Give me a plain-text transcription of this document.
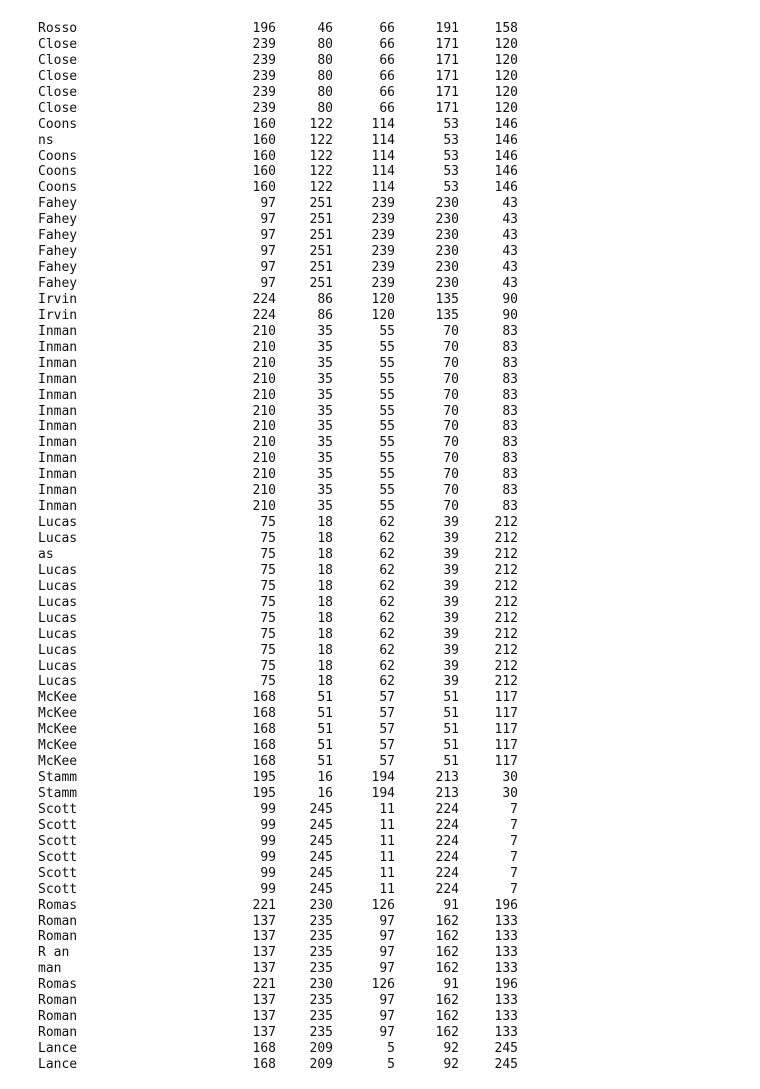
Rosso	196	46	66	191	158
Close	239	80	66	171	120
Close	239	80	66	171	120
Close	239	80	66	171	120
Close	239	80	66	171	120
Close	239	80	66	171	120
Coons	160	122	114	53	146
ns	160	122	114	53	146
Coons	160	122	114	53	146
Coons	160	122	114	53	146
Coons	160	122	114	53	146
Fahey	97	251	239	230	43
Fahey	97	251	239	230	43
Fahey	97	251	239	230	43
Fahey	97	251	239	230	43
Fahey	97	251	239	230	43
Fahey	97	251	239	230	43
Irvin	224	86	120	135	90
Irvin	224	86	120	135	90
Inman	210	35	55	70	83
Inman	210	35	55	70	83
Inman	210	35	55	70	83
Inman	210	35	55	70	83
Inman	210	35	55	70	83
Inman	210	35	55	70	83
Inman	210	35	55	70	83
Inman	210	35	55	70	83
Inman	210	35	55	70	83
Inman	210	35	55	70	83
Inman	210	35	55	70	83
Inman	210	35	55	70	83
Lucas	75	18	62	39	212
Lucas	75	18	62	39	212
as	75	18	62	39	212
Lucas	75	18	62	39	212
Lucas	75	18	62	39	212
Lucas	75	18	62	39	212
Lucas	75	18	62	39	212
Lucas	75	18	62	39	212
Lucas	75	18	62	39	212
Lucas	75	18	62	39	212
Lucas	75	18	62	39	212
McKee	168	51	57	51	117
McKee	168	51	57	51	117
McKee	168	51	57	51	117
McKee	168	51	57	51	117
McKee	168	51	57	51	117
Stamm	195	16	194	213	30
Stamm	195	16	194	213	30
Scott	99	245	11	224	7
Scott	99	245	11	224	7
Scott	99	245	11	224	7
Scott	99	245	11	224	7
Scott	99	245	11	224	7
Scott	99	245	11	224	7
Romas	221	230	126	91	196
Roman	137	235	97	162	133
Roman	137	235	97	162	133
R an	137	235	97	162	133
man	137	235	97	162	133
Romas	221	230	126	91	196
Roman	137	235	97	162	133
Roman	137	235	97	162	133
Roman	137	235	97	162	133
Lance	168	209	5	92	245
Lance	168	209	5	92	245
